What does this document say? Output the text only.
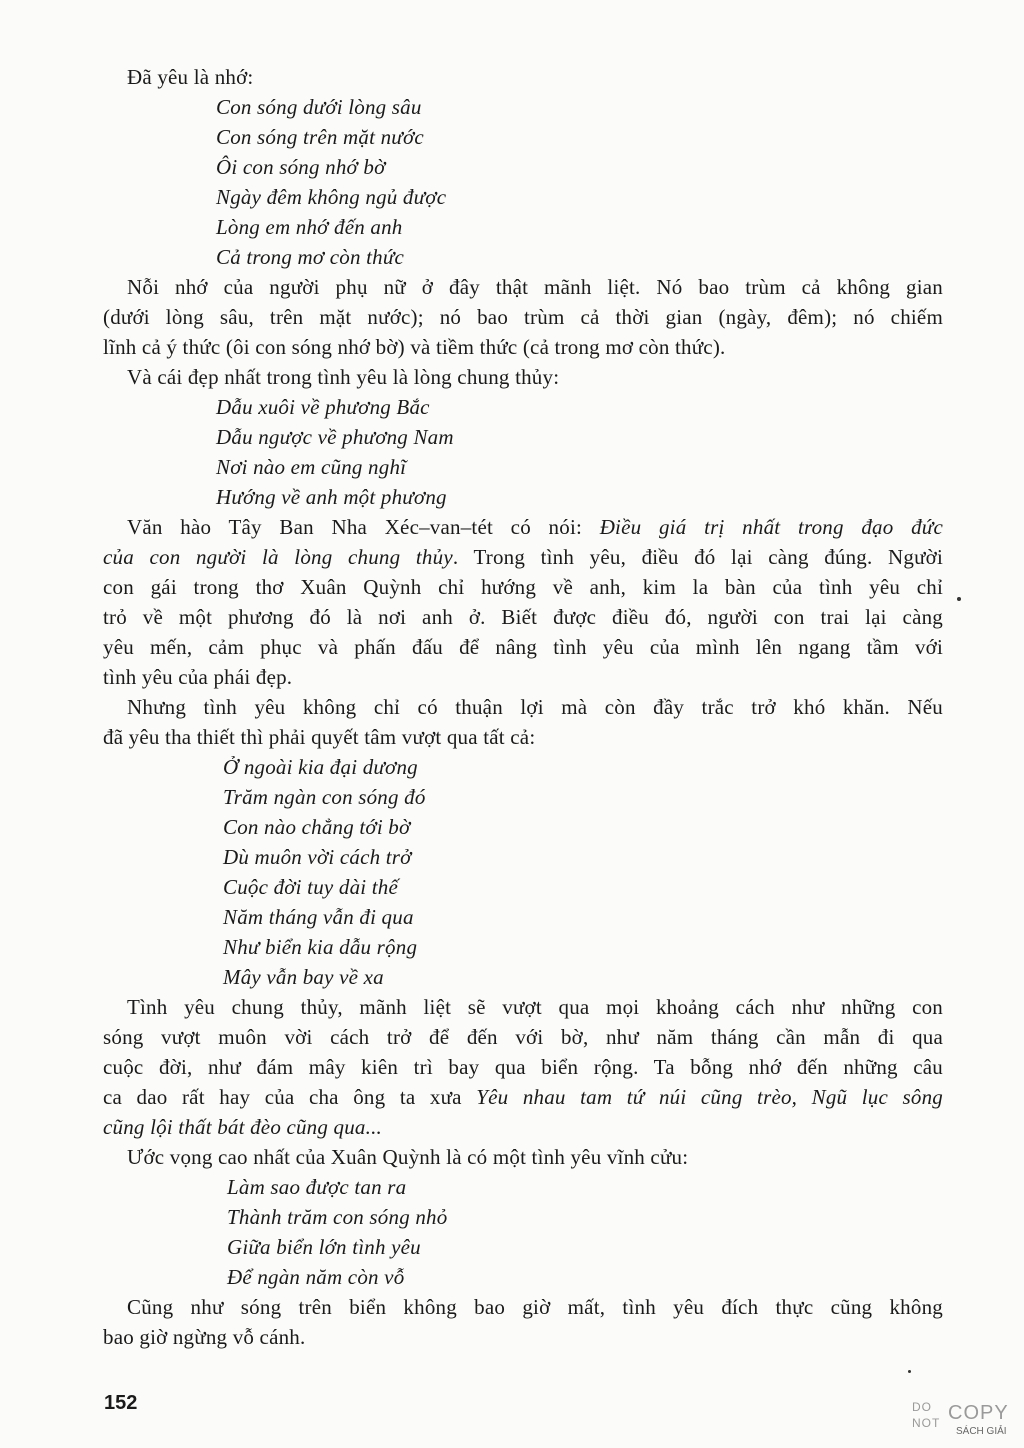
Đã yêu là nhớ:
Con sóng dưới lòng sâu
Con sóng trên mặt nước
Ôi con sóng nhớ bờ
Ngày đêm không ngủ được
Lòng em nhớ đến anh
Cả trong mơ còn thức
Nỗi nhớ của người phụ nữ ở đây thật mãnh liệt. Nó bao trùm cả không gian
(dưới lòng sâu, trên mặt nước); nó bao trùm cả thời gian (ngày, đêm); nó chiếm
lĩnh cả ý thức (ôi con sóng nhớ bờ) và tiềm thức (cả trong mơ còn thức).
Và cái đẹp nhất trong tình yêu là lòng chung thủy:
Dẫu xuôi về phương Bắc
Dẫu ngược về phương Nam
Nơi nào em cũng nghĩ
Hướng về anh một phương
Văn hào Tây Ban Nha Xéc–van–tét có nói: Điều giá trị nhất trong đạo đức
của con người là lòng chung thủy. Trong tình yêu, điều đó lại càng đúng. Người
con gái trong thơ Xuân Quỳnh chỉ hướng về anh, kim la bàn của tình yêu chỉ
trỏ về một phương đó là nơi anh ở. Biết được điều đó, người con trai lại càng
yêu mến, cảm phục và phấn đấu để nâng tình yêu của mình lên ngang tầm với
tình yêu của phái đẹp.
Nhưng tình yêu không chỉ có thuận lợi mà còn đầy trắc trở khó khăn. Nếu
đã yêu tha thiết thì phải quyết tâm vượt qua tất cả:
Ở ngoài kia đại dương
Trăm ngàn con sóng đó
Con nào chẳng tới bờ
Dù muôn vời cách trở
Cuộc đời tuy dài thế
Năm tháng vẫn đi qua
Như biển kia dẫu rộng
Mây vẫn bay về xa
Tình yêu chung thủy, mãnh liệt sẽ vượt qua mọi khoảng cách như những con
sóng vượt muôn vời cách trở để đến với bờ, như năm tháng cần mẫn đi qua
cuộc đời, như đám mây kiên trì bay qua biển rộng. Ta bỗng nhớ đến những câu
ca dao rất hay của cha ông ta xưa Yêu nhau tam tứ núi cũng trèo, Ngũ lục sông
cũng lội thất bát đèo cũng qua...
Ước vọng cao nhất của Xuân Quỳnh là có một tình yêu vĩnh cửu:
Làm sao được tan ra
Thành trăm con sóng nhỏ
Giữa biển lớn tình yêu
Để ngàn năm còn vỗ
Cũng như sóng trên biển không bao giờ mất, tình yêu đích thực cũng không
bao giờ ngừng vỗ cánh.
152	DO
NOT COPY
SÁCH GIẢI
